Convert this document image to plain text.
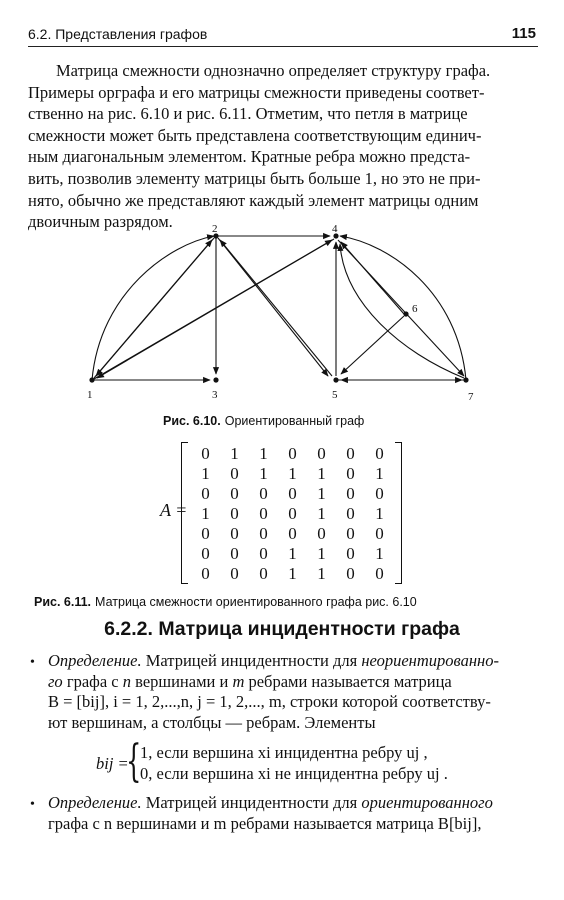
6.2. Представления графов	115

Матрица смежности однозначно определяет структуру графа.
Примеры орграфа и его матрицы смежности приведены соответ-
ственно на рис. 6.10 и рис. 6.11. Отметим, что петля в матрице
смежности может быть представлена соответствующим единич-
ным диагональным элементом. Кратные ребра можно предста-
вить, позволив элементу матрицы быть больше 1, но это не при-
нято, обычно же представляют каждый элемент матрицы одним
двоичным разрядом.

1
2
3
4
5
6
7
Рис. 6.10. Ориентированный граф
A =
0	1	1	0	0	0	0
1	0	1	1	1	0	1
0	0	0	0	1	0	0
1	0	0	0	1	0	1
0	0	0	0	0	0	0
0	0	0	1	1	0	1
0	0	0	1	1	0	0
Рис. 6.11. Матрица смежности ориентированного графа рис. 6.10
6.2.2. Матрица инцидентности графа
• Определение. Матрицей инцидентности для неориентированно-
го графа с n вершинами и m ребрами называется матрица
B = [bij], i = 1, 2,...,n, j = 1, 2,..., m, строки которой соответству-
ют вершинам, а столбцы — ребрам. Элементы

bij =
{
1, если вершина xi инцидентна ребру uj ,
0, если вершина xi не инцидентна ребру uj .
• Определение. Матрицей инцидентности для ориентированного
графа с n вершинами и m ребрами называется матрица B[bij],
